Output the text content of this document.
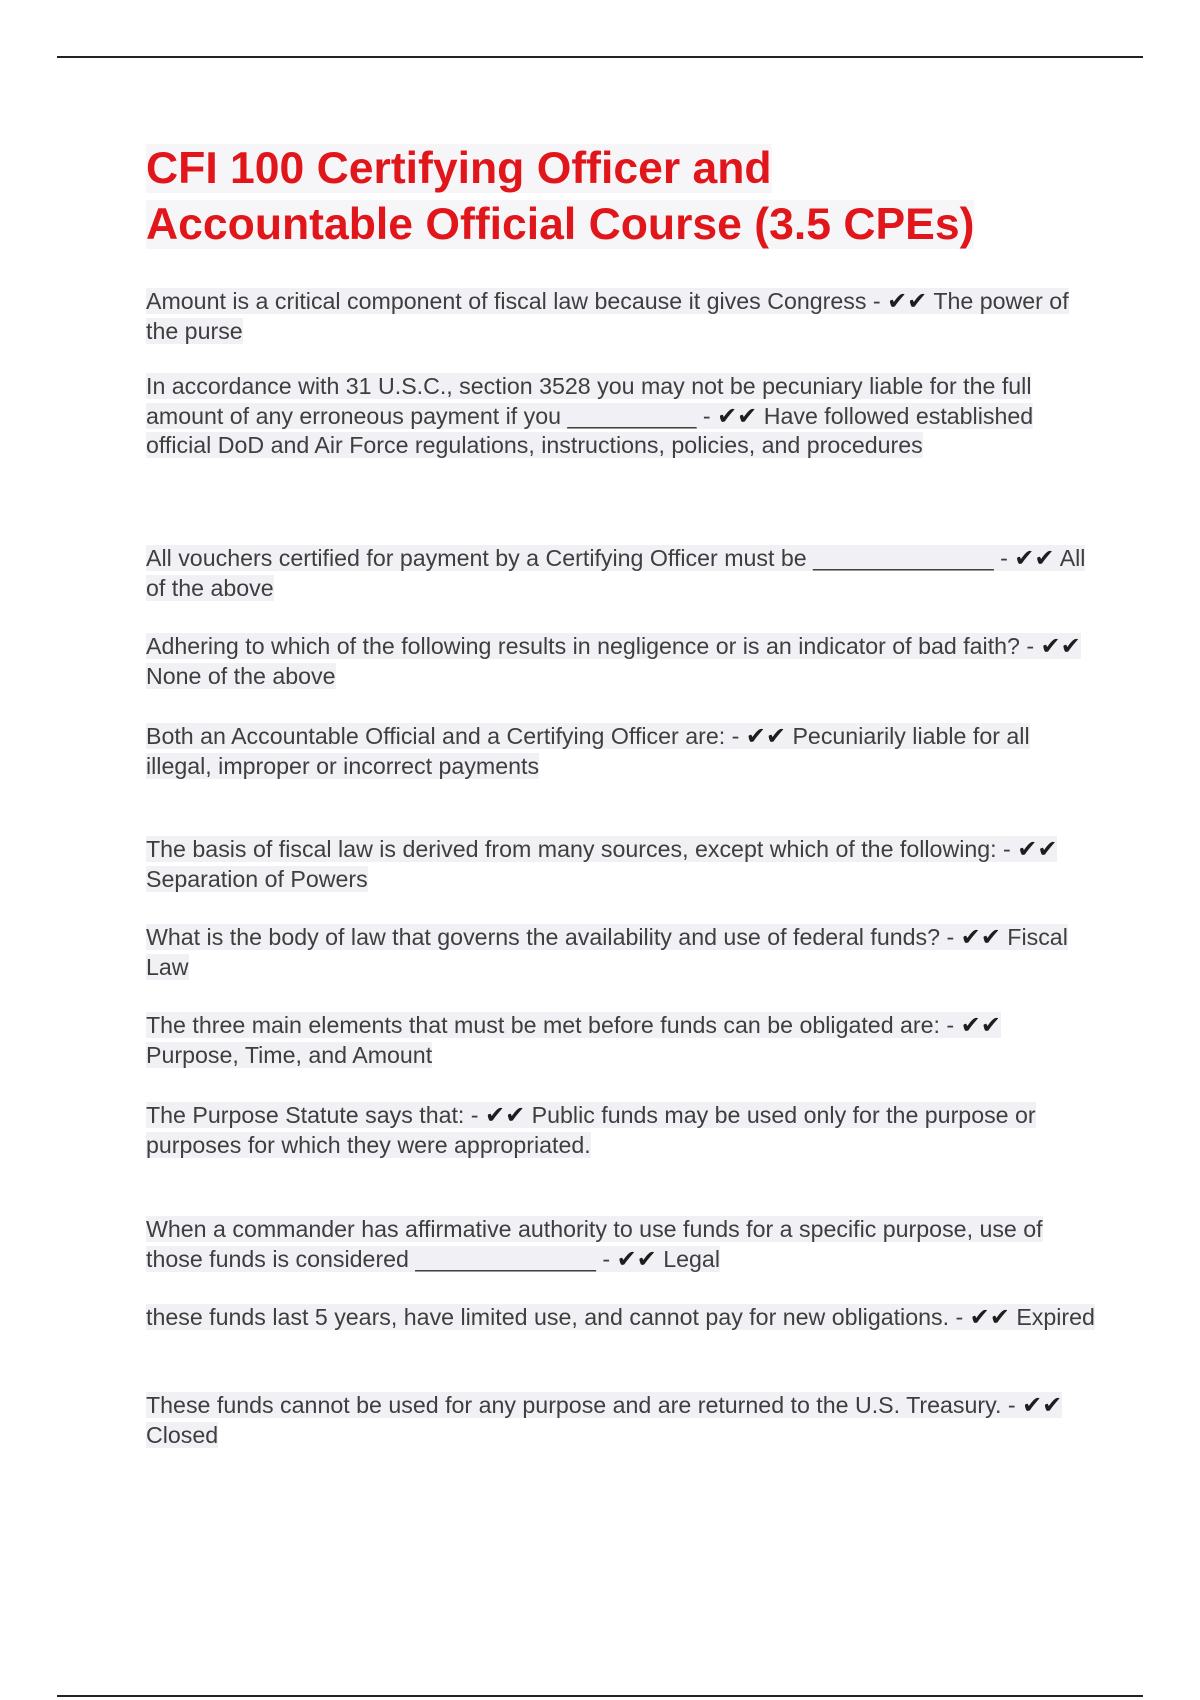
CFI 100 Certifying Officer and
Accountable Official Course (3.5 CPEs)

Amount is a critical component of fiscal law because it gives Congress - ✔✔ The power of the purse

In accordance with 31 U.S.C., section 3528 you may not be pecuniary liable for the full amount of any erroneous payment if you __________ - ✔✔ Have followed established official DoD and Air Force regulations, instructions, policies, and procedures

All vouchers certified for payment by a Certifying Officer must be ______________ - ✔✔ All of the above

Adhering to which of the following results in negligence or is an indicator of bad faith? - ✔✔ None of the above

Both an Accountable Official and a Certifying Officer are: - ✔✔ Pecuniarily liable for all illegal, improper or incorrect payments

The basis of fiscal law is derived from many sources, except which of the following: - ✔✔ Separation of Powers

What is the body of law that governs the availability and use of federal funds? - ✔✔ Fiscal Law

The three main elements that must be met before funds can be obligated are: - ✔✔ Purpose, Time, and Amount

The Purpose Statute says that: - ✔✔ Public funds may be used only for the purpose or purposes for which they were appropriated.

When a commander has affirmative authority to use funds for a specific purpose, use of those funds is considered ______________ - ✔✔ Legal

these funds last 5 years, have limited use, and cannot pay for new obligations. - ✔✔ Expired

These funds cannot be used for any purpose and are returned to the U.S. Treasury. - ✔✔ Closed
